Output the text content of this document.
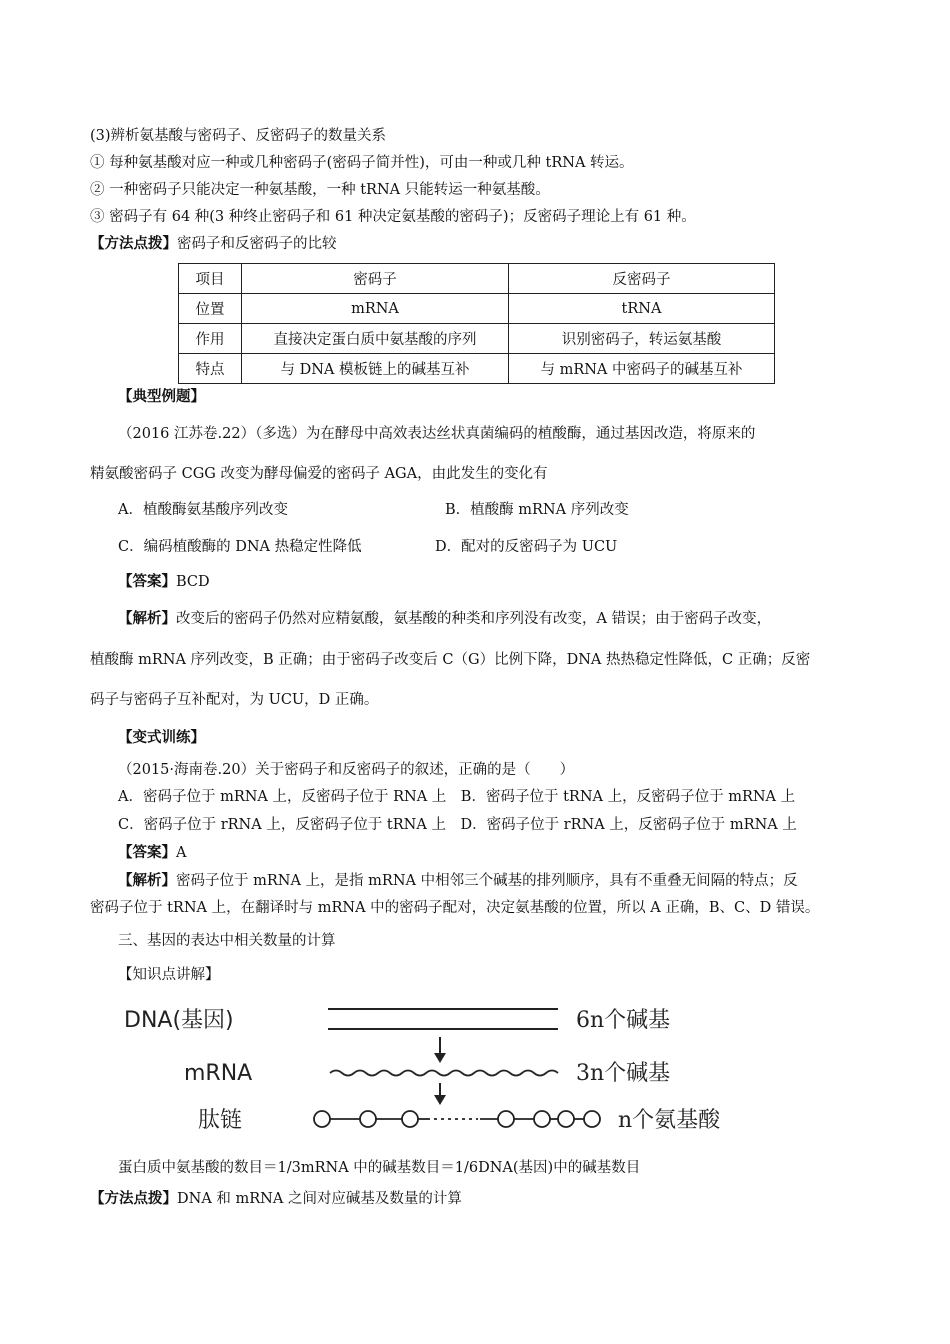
(3)辨析氨基酸与密码子、反密码子的数量关系
① 每种氨基酸对应一种或几种密码子(密码子简并性)，可由一种或几种 tRNA 转运。
② 一种密码子只能决定一种氨基酸，一种 tRNA 只能转运一种氨基酸。
③ 密码子有 64 种(3 种终止密码子和 61 种决定氨基酸的密码子)；反密码子理论上有 61 种。
【方法点拨】密码子和反密码子的比较
项目	密码子	反密码子
位置	mRNA	tRNA
作用	直接决定蛋白质中氨基酸的序列	识别密码子，转运氨基酸
特点	与 DNA 模板链上的碱基互补	与 mRNA 中密码子的碱基互补
【典型例题】
（2016 江苏卷.22）（多选）为在酵母中高效表达丝状真菌编码的植酸酶，通过基因改造，将原来的
精氨酸密码子 CGG 改变为酵母偏爱的密码子 AGA，由此发生的变化有
A．植酸酶氨基酸序列改变	B．植酸酶 mRNA 序列改变
C．编码植酸酶的 DNA 热稳定性降低	D．配对的反密码子为 UCU
【答案】BCD
【解析】改变后的密码子仍然对应精氨酸，氨基酸的种类和序列没有改变，A 错误；由于密码子改变，
植酸酶 mRNA 序列改变，B 正确；由于密码子改变后 C（G）比例下降，DNA 热热稳定性降低，C 正确；反密
码子与密码子互补配对，为 UCU，D 正确。
【变式训练】
（2015·海南卷.20）关于密码子和反密码子的叙述，正确的是（　　）
A．密码子位于 mRNA 上，反密码子位于 RNA 上　B．密码子位于 tRNA 上，反密码子位于 mRNA 上
C．密码子位于 rRNA 上，反密码子位于 tRNA 上　D．密码子位于 rRNA 上，反密码子位于 mRNA 上
【答案】A
【解析】密码子位于 mRNA 上，是指 mRNA 中相邻三个碱基的排列顺序，具有不重叠无间隔的特点；反
密码子位于 tRNA 上，在翻译时与 mRNA 中的密码子配对，决定氨基酸的位置，所以 A 正确，B、C、D 错误。
三、基因的表达中相关数量的计算
【知识点讲解】
DNA(基因)	6n个碱基
mRNA	3n个碱基
肽链	n个氨基酸
蛋白质中氨基酸的数目＝1/3mRNA 中的碱基数目＝1/6DNA(基因)中的碱基数目
【方法点拨】DNA 和 mRNA 之间对应碱基及数量的计算
